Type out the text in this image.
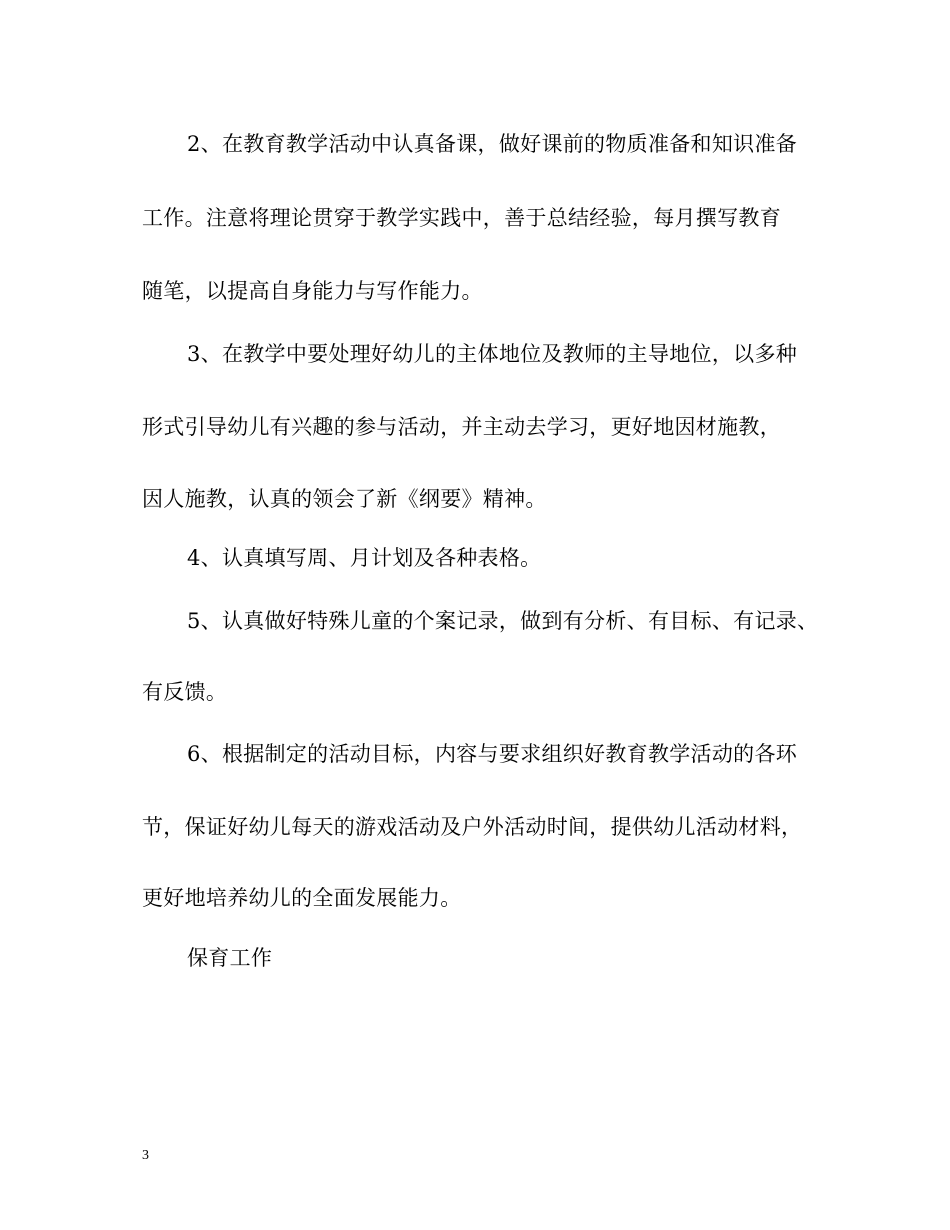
2、在教育教学活动中认真备课，做好课前的物质准备和知识准备

工作。注意将理论贯穿于教学实践中，善于总结经验，每月撰写教育

随笔，以提高自身能力与写作能力。

3、在教学中要处理好幼儿的主体地位及教师的主导地位，以多种

形式引导幼儿有兴趣的参与活动，并主动去学习，更好地因材施教，

因人施教，认真的领会了新《纲要》精神。

4、认真填写周、月计划及各种表格。

5、认真做好特殊儿童的个案记录，做到有分析、有目标、有记录、

有反馈。

6、根据制定的活动目标，内容与要求组织好教育教学活动的各环

节，保证好幼儿每天的游戏活动及户外活动时间，提供幼儿活动材料，

更好地培养幼儿的全面发展能力。

保育工作

3
